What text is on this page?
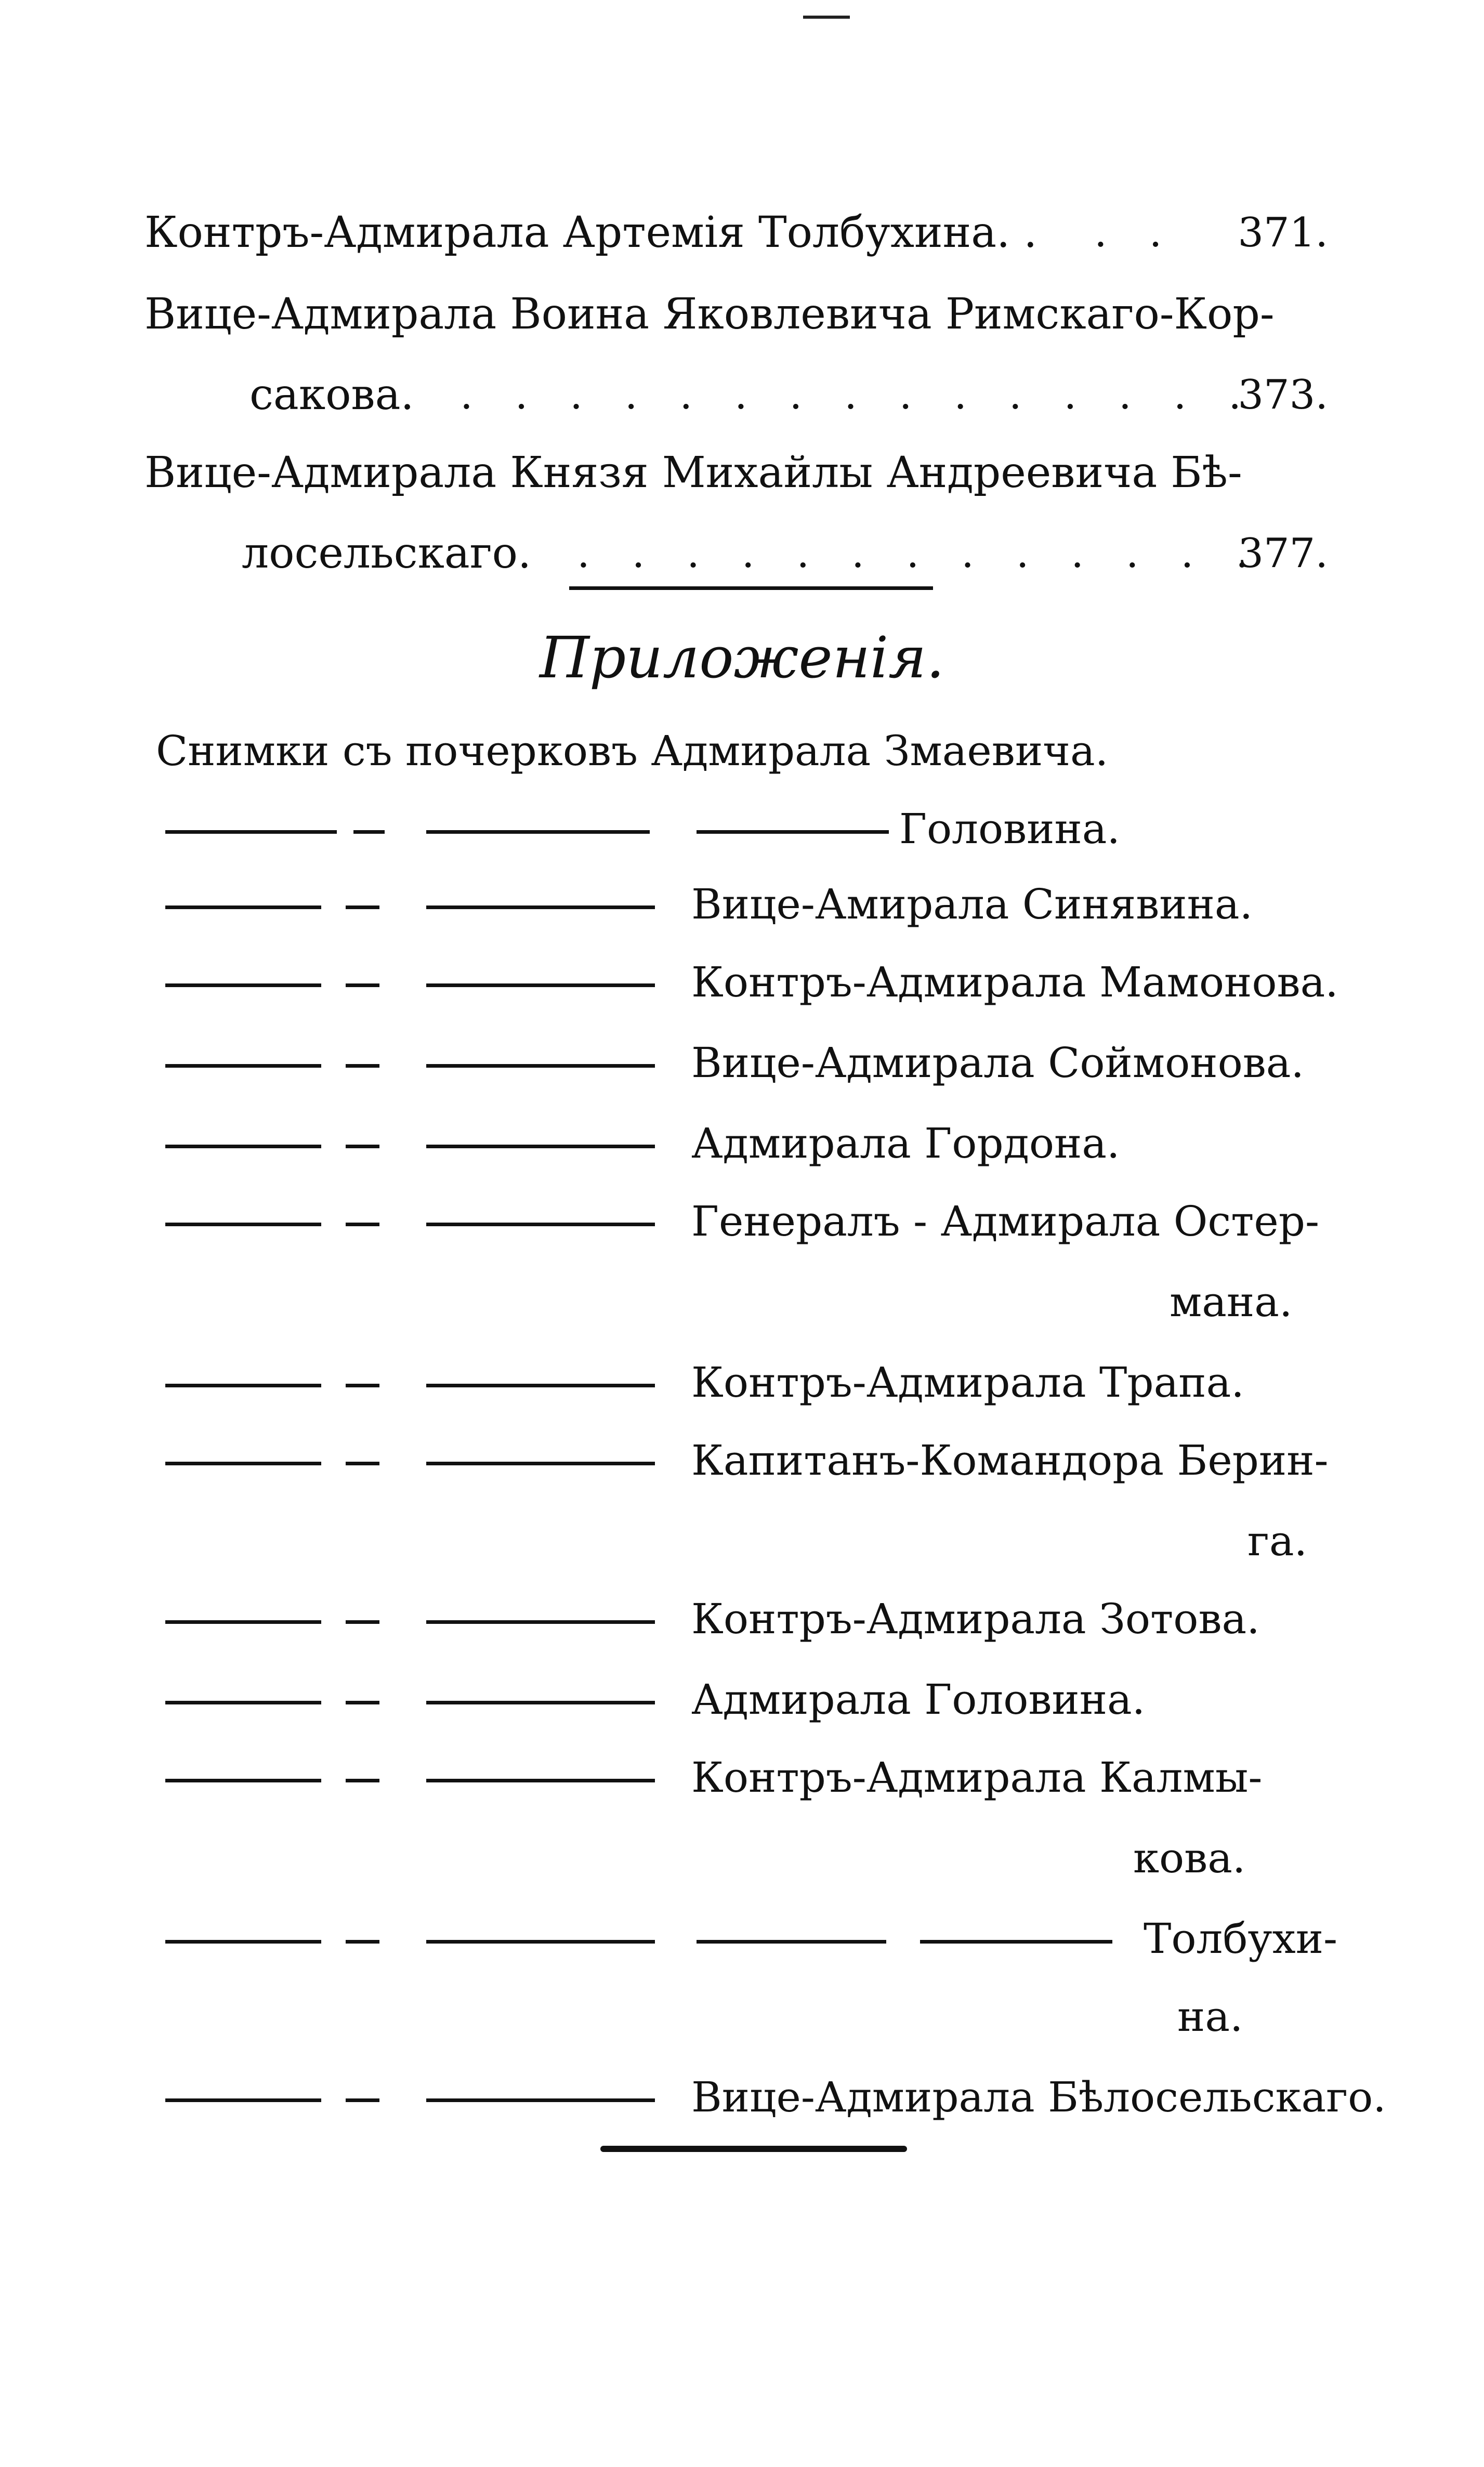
Контръ-Адмирала Артемія Толбухина. . . . 371.
Вице-Адмирала Воина Яковлевича Римскаго-Кор-
сакова. . . . . . . . . . . . . . . .
373.
Вице-Адмирала Князя Михайлы Андреевича Бѣ-
лосельскаго. . . . . . . . . . . . . .
377.
Приложенія.
Снимки съ почерковъ Адмирала Змаевича.
Головина.
Вице-Амирала Синявина.
Контръ-Адмирала Мамонова.
Вице-Адмирала Соймонова.
Адмирала Гордона.
Генералъ - Адмирала Остер-
мана.
Контръ-Адмирала Трапа.
Капитанъ-Командора Берин-
га.
Контръ-Адмирала Зотова.
Адмирала Головина.
Контръ-Адмирала Калмы-
кова.
Толбухи-
на.
Вице-Адмирала Бѣлосельскаго.
